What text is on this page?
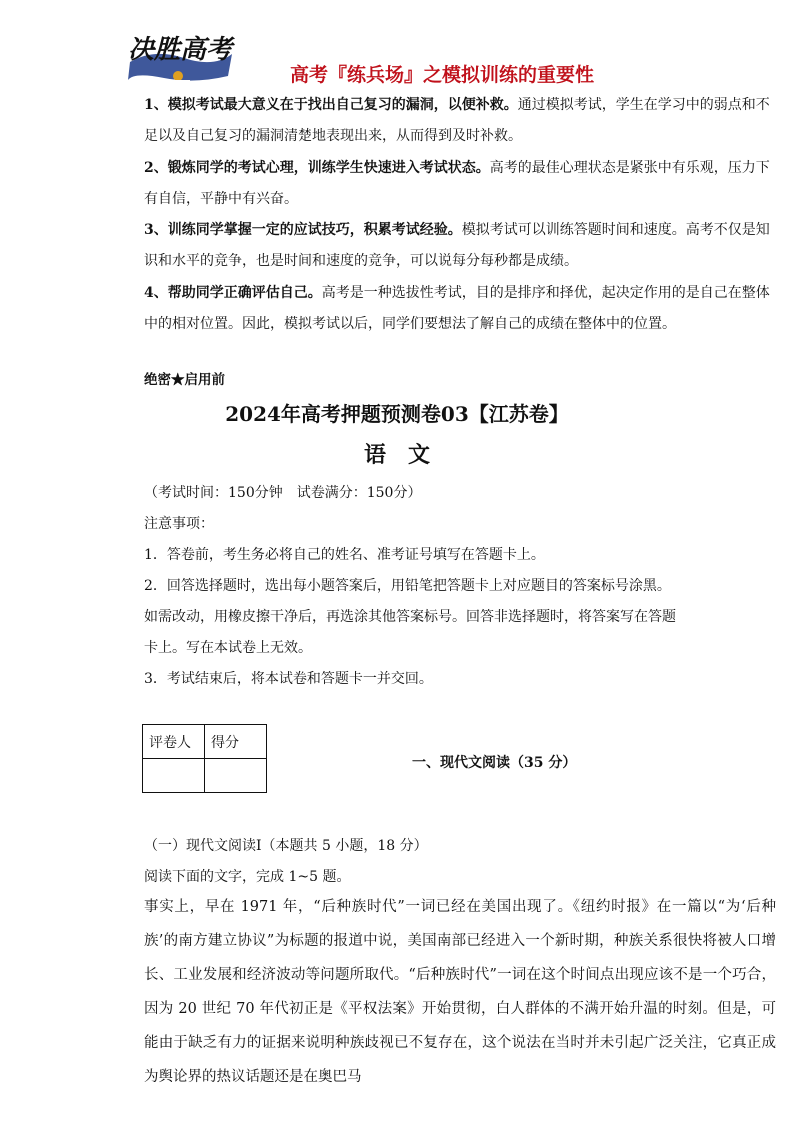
决胜高考
高考『练兵场』之模拟训练的重要性
1、模拟考试最大意义在于找出自己复习的漏洞，以便补救。通过模拟考试，学生在学习中的弱点和不足以及自己复习的漏洞清楚地表现出来，从而得到及时补救。
2、锻炼同学的考试心理，训练学生快速进入考试状态。高考的最佳心理状态是紧张中有乐观，压力下有自信，平静中有兴奋。
3、训练同学掌握一定的应试技巧，积累考试经验。模拟考试可以训练答题时间和速度。高考不仅是知识和水平的竞争，也是时间和速度的竞争，可以说每分每秒都是成绩。
4、帮助同学正确评估自己。高考是一种选拔性考试，目的是排序和择优，起决定作用的是自己在整体中的相对位置。因此，模拟考试以后，同学们要想法了解自己的成绩在整体中的位置。
绝密★启用前
2024年高考押题预测卷03【江苏卷】
语　文
（考试时间：150分钟　试卷满分：150分）
注意事项：
1．答卷前，考生务必将自己的姓名、准考证号填写在答题卡上。
2．回答选择题时，选出每小题答案后，用铅笔把答题卡上对应题目的答案标号涂黑。
如需改动，用橡皮擦干净后，再选涂其他答案标号。回答非选择题时，将答案写在答题
卡上。写在本试卷上无效。
3．考试结束后，将本试卷和答题卡一并交回。
评卷人	得分

一、现代文阅读（35 分）
（一）现代文阅读Ⅰ（本题共 5 小题，18 分）
阅读下面的文字，完成 1~5 题。
事实上，早在 1971 年，“后种族时代”一词已经在美国出现了。《纽约时报》在一篇以“为‘后种族’的南方建立协议”为标题的报道中说，美国南部已经进入一个新时期，种族关系很快将被人口增长、工业发展和经济波动等问题所取代。“后种族时代”一词在这个时间点出现应该不是一个巧合，因为 20 世纪 70 年代初正是《平权法案》开始贯彻，白人群体的不满开始升温的时刻。但是，可能由于缺乏有力的证据来说明种族歧视已不复存在，这个说法在当时并未引起广泛关注，它真正成为舆论界的热议话题还是在奥巴马
